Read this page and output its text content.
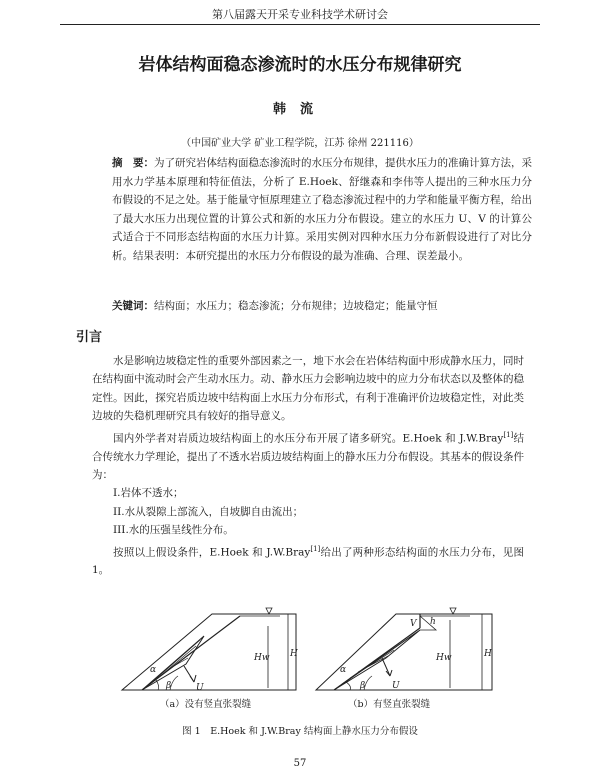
第八届露天开采专业科技学术研讨会
岩体结构面稳态渗流时的水压分布规律研究
韩流
（中国矿业大学 矿业工程学院，江苏 徐州 221116）
摘　要：为了研究岩体结构面稳态渗流时的水压分布规律，提供水压力的准确计算方法，采用水力学基本原理和特征值法，分析了 E.Hoek、舒继森和李伟等人提出的三种水压力分布假设的不足之处。基于能量守恒原理建立了稳态渗流过程中的力学和能量平衡方程，给出了最大水压力出现位置的计算公式和新的水压力分布假设。建立的水压力 U、V 的计算公式适合于不同形态结构面的水压力计算。采用实例对四种水压力分布新假设进行了对比分析。结果表明：本研究提出的水压力分布假设的最为准确、合理、误差最小。
关键词：结构面；水压力；稳态渗流；分布规律；边坡稳定；能量守恒
引言

水是影响边坡稳定性的重要外部因素之一，地下水会在岩体结构面中形成静水压力，同时在结构面中流动时会产生动水压力。动、静水压力会影响边坡中的应力分布状态以及整体的稳定性。因此，探究岩质边坡中结构面上水压力分布形式，有利于准确评价边坡稳定性，对此类边坡的失稳机理研究具有较好的指导意义。

国内外学者对岩质边坡结构面上的水压分布开展了诸多研究。E.Hoek 和 J.W.Bray[1]结合传统水力学理论，提出了不透水岩质边坡结构面上的静水压力分布假设。其基本的假设条件为：

I.岩体不透水；

II.水从裂隙上部流入，自坡脚自由流出；

III.水的压强呈线性分布。

按照以上假设条件，E.Hoek 和 J.W.Bray[1]给出了两种形态结构面的水压力分布，见图1。

α
β	U
Hw H
α
β	U
V h
Hw	H
（a）没有竖直张裂缝	（b）有竖直张裂缝
图 1　E.Hoek 和 J.W.Bray 结构面上静水压力分布假设
57
